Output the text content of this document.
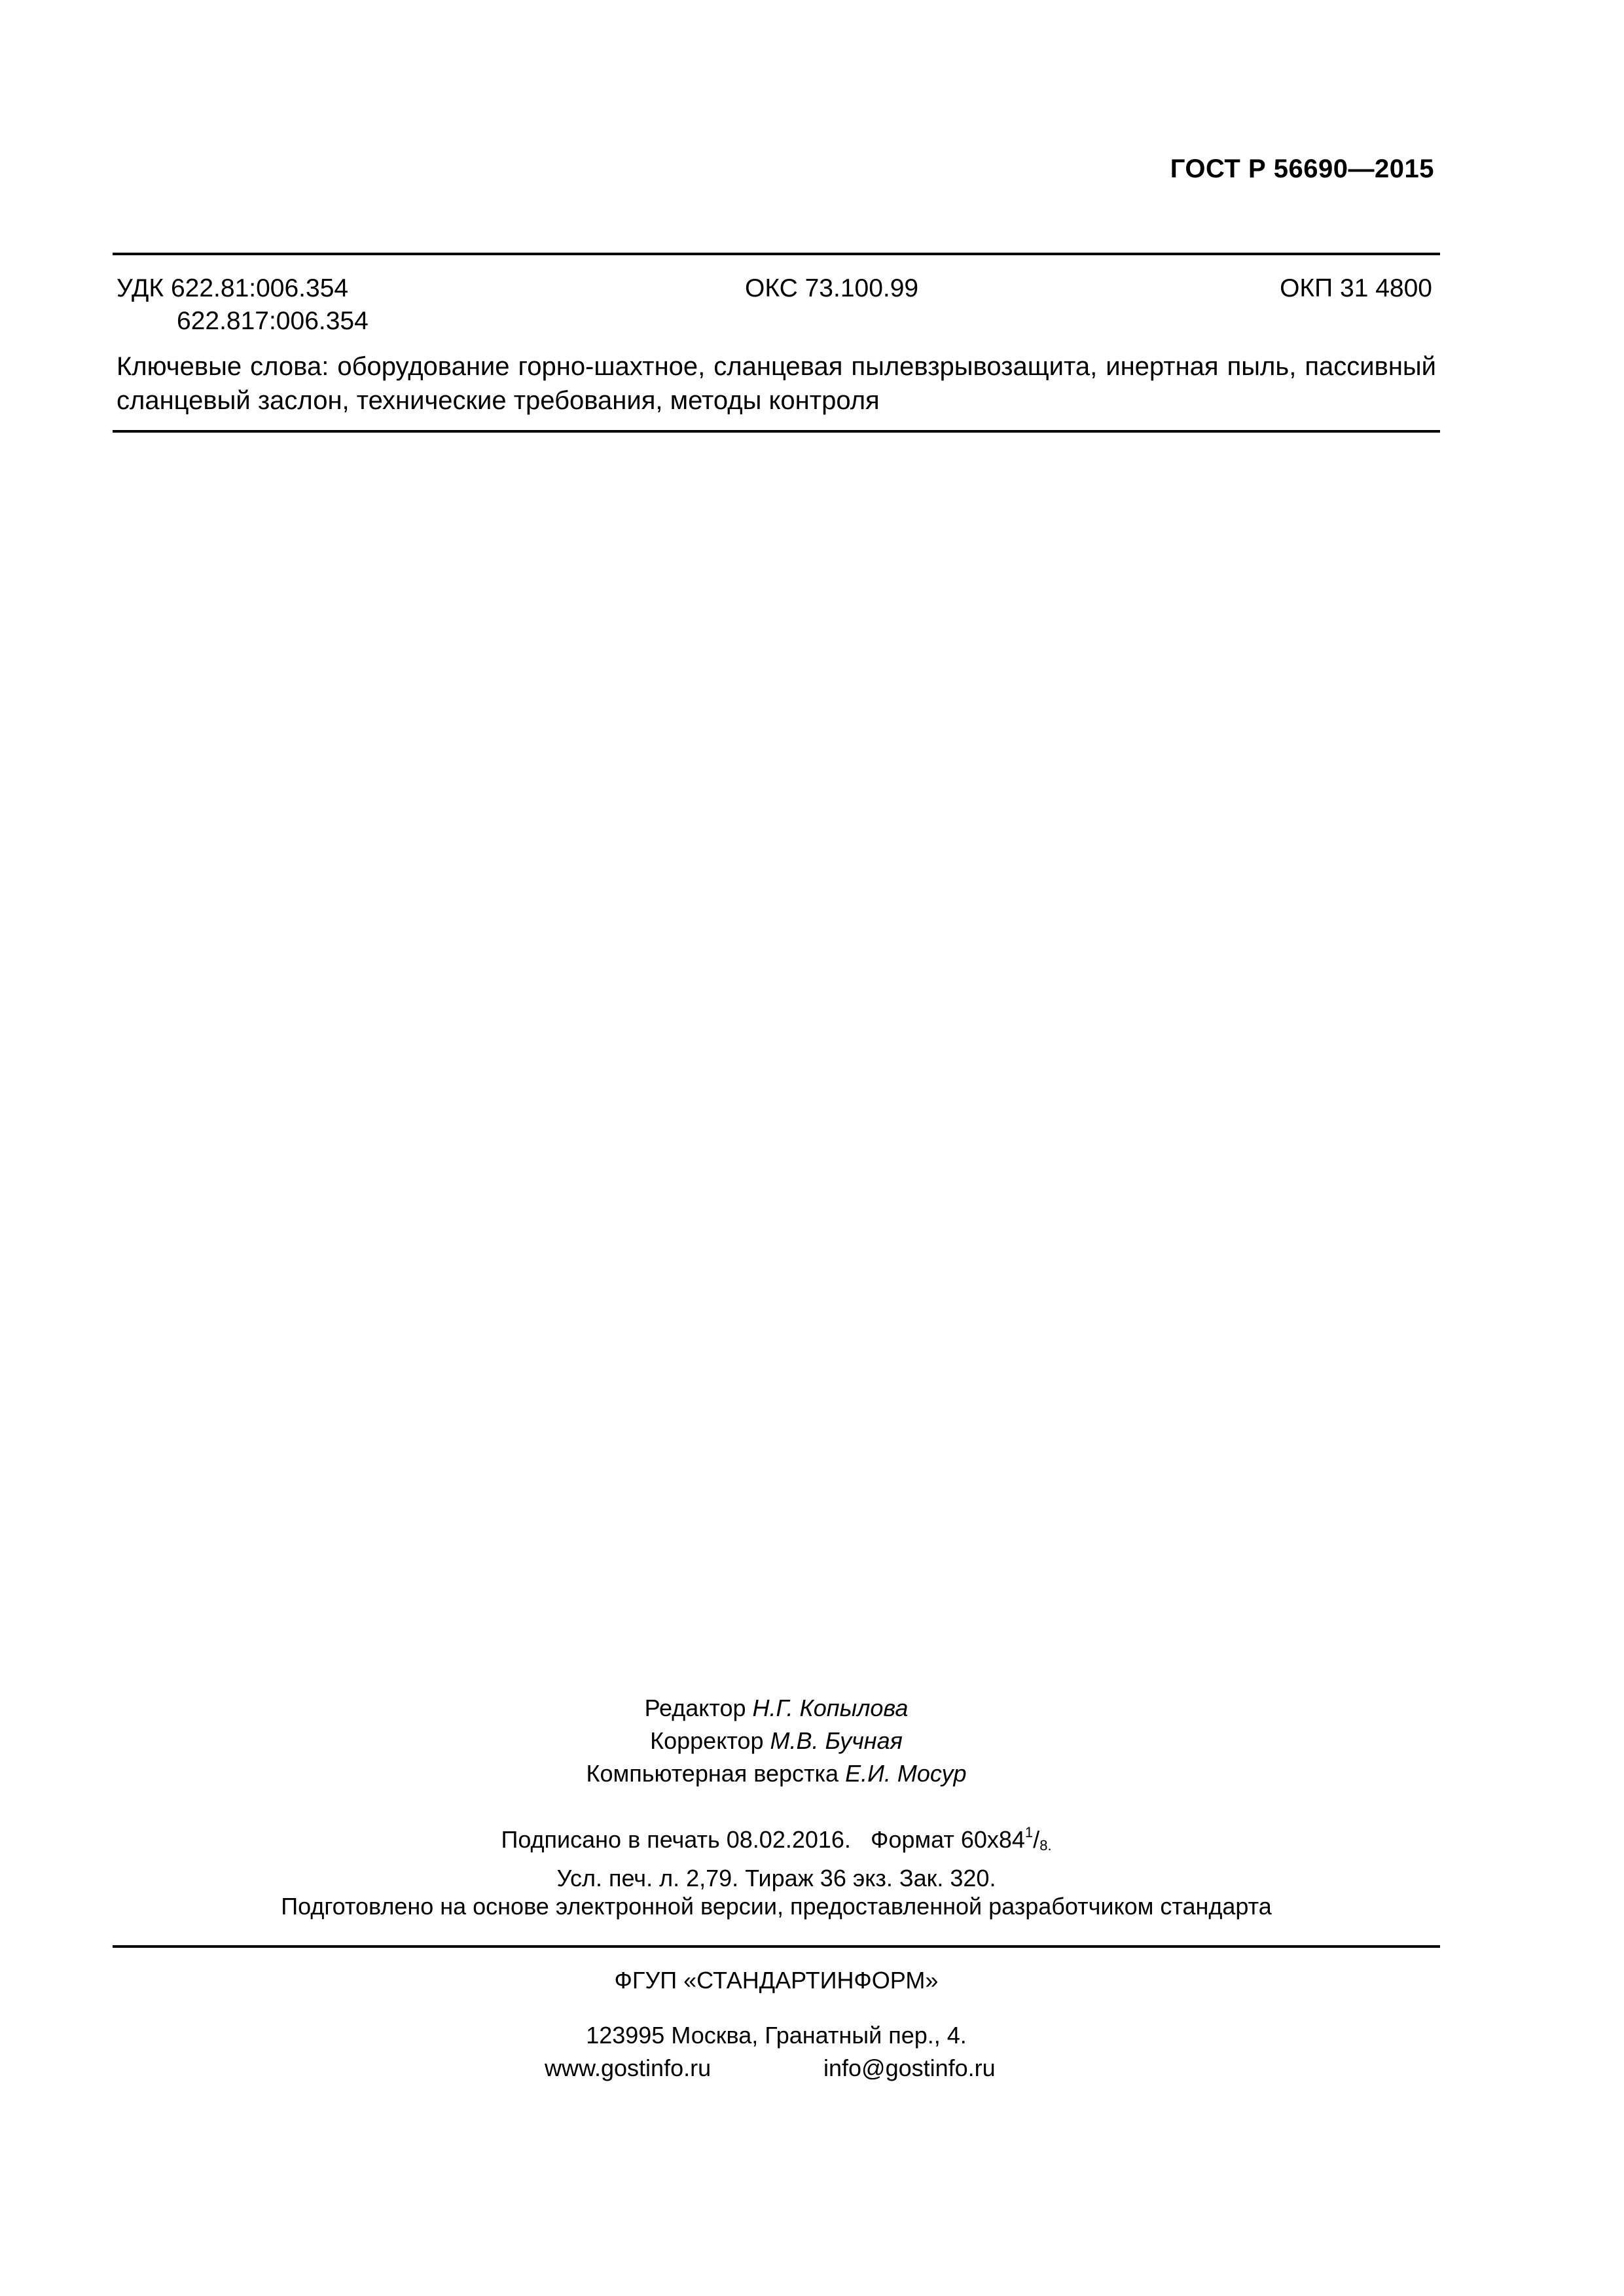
ГОСТ Р 56690—2015
УДК 622.81:006.354
622.817:006.354
ОКС 73.100.99	ОКП 31 4800
Ключевые слова: оборудование горно-шахтное, сланцевая пылевзрывозащита, инертная пыль, пассивный сланцевый заслон, технические требования, методы контроля
Редактор Н.Г. Копылова
Корректор М.В. Бучная
Компьютерная верстка Е.И. Мосур
Подписано в печать 08.02.2016. Формат $60x84^1/8$.
Усл. печ. л. 2,79. Тираж 36 экз. Зак. 320.
Подготовлено на основе электронной версии, предоставленной разработчиком стандарта
ФГУП «СТАНДАРТИНФОРМ»
123995 Москва, Гранатный пер., 4.
www.gostinfo.ru	info@gostinfo.ru
